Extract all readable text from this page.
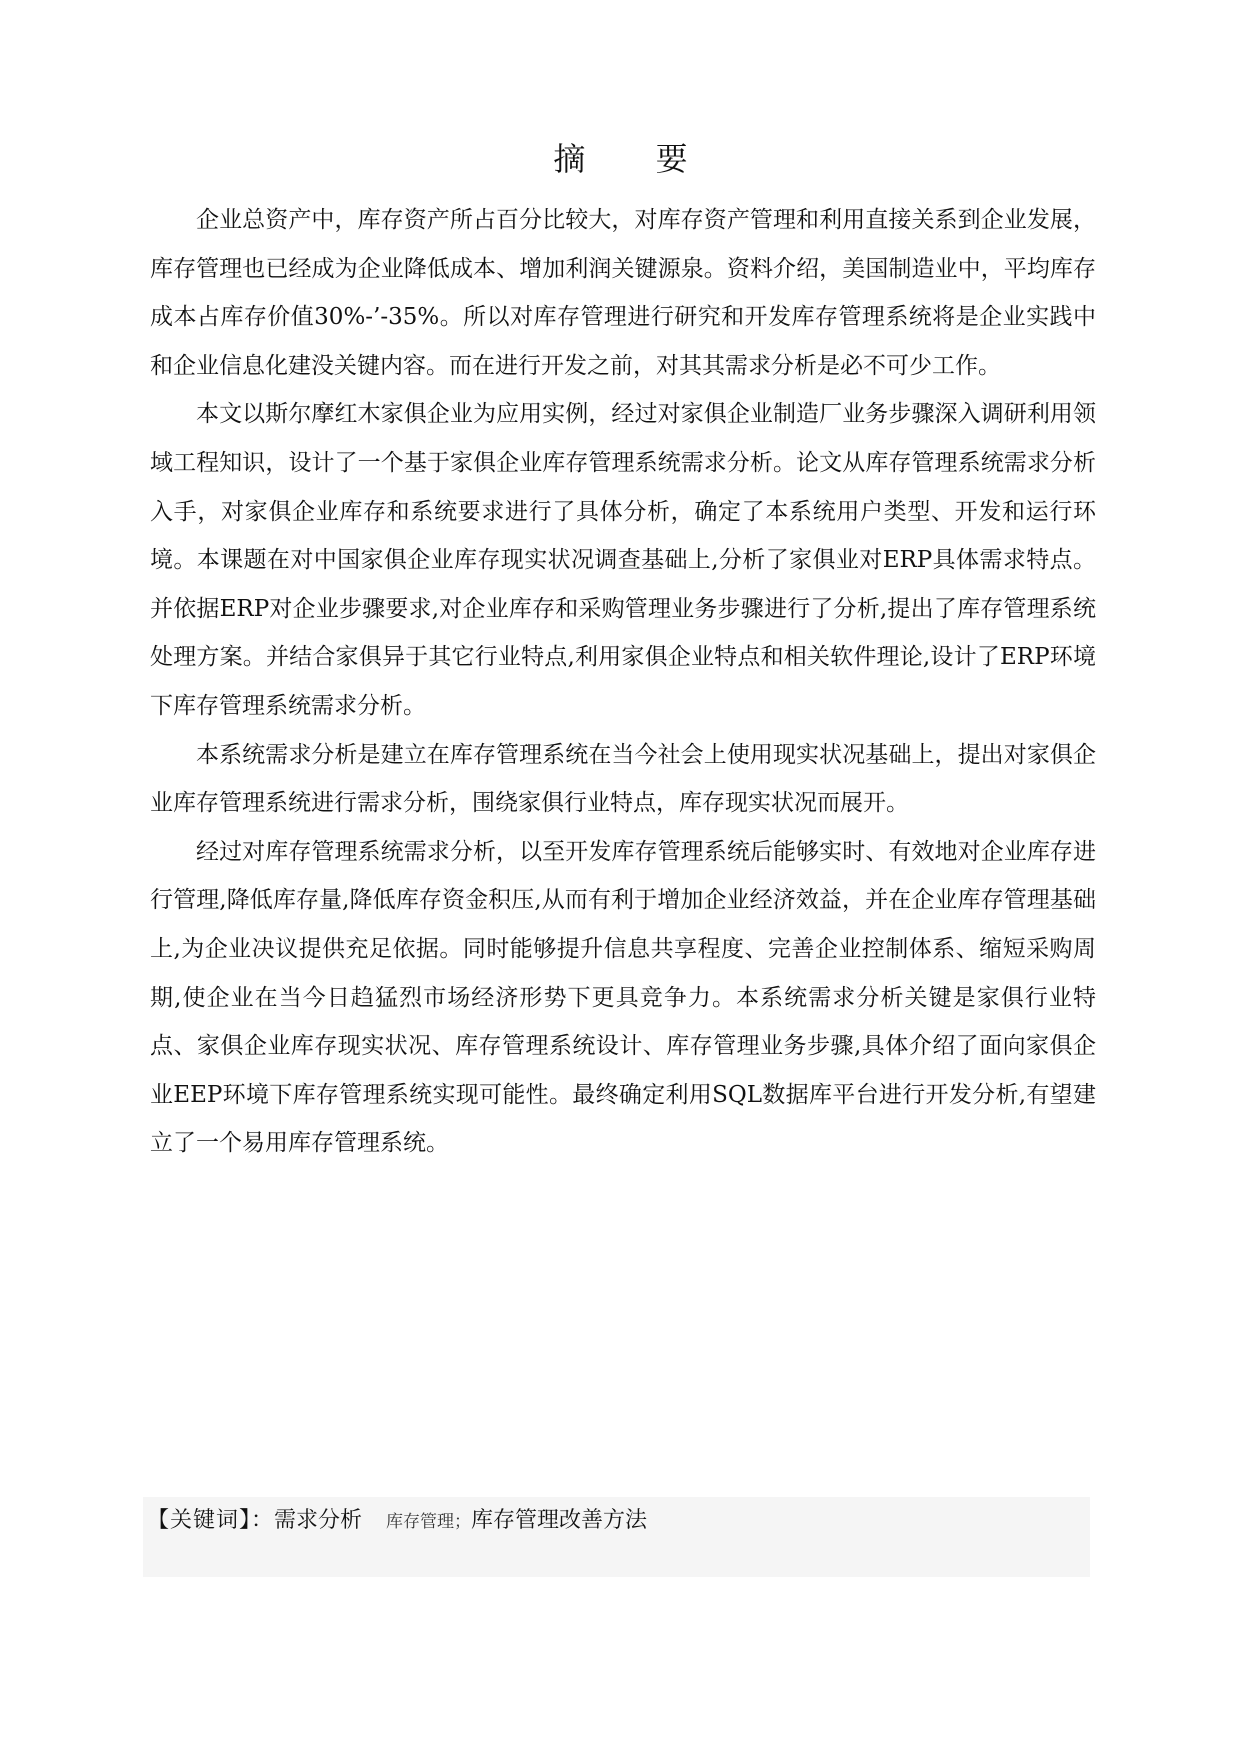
摘 要

企业总资产中，库存资产所占百分比较大，对库存资产管理和利用直接关系到企业发展，库存管理也已经成为企业降低成本、增加利润关键源泉。资料介绍，美国制造业中，平均库存成本占库存价值30%-’-35%。所以对库存管理进行研究和开发库存管理系统将是企业实践中和企业信息化建没关键内容。而在进行开发之前，对其其需求分析是必不可少工作。

本文以斯尔摩红木家俱企业为应用实例，经过对家俱企业制造厂业务步骤深入调研利用领域工程知识，设计了一个基于家俱企业库存管理系统需求分析。论文从库存管理系统需求分析入手，对家俱企业库存和系统要求进行了具体分析，确定了本系统用户类型、开发和运行环境。本课题在对中国家俱企业库存现实状况调查基础上,分析了家俱业对ERP具体需求特点。并依据ERP对企业步骤要求,对企业库存和采购管理业务步骤进行了分析,提出了库存管理系统处理方案。并结合家俱异于其它行业特点,利用家俱企业特点和相关软件理论,设计了ERP环境下库存管理系统需求分析。

本系统需求分析是建立在库存管理系统在当今社会上使用现实状况基础上，提出对家俱企业库存管理系统进行需求分析，围绕家俱行业特点，库存现实状况而展开。

经过对库存管理系统需求分析，以至开发库存管理系统后能够实时、有效地对企业库存进行管理,降低库存量,降低库存资金积压,从而有利于增加企业经济效益，并在企业库存管理基础上,为企业决议提供充足依据。同时能够提升信息共享程度、完善企业控制体系、缩短采购周期,使企业在当今日趋猛烈市场经济形势下更具竞争力。本系统需求分析关键是家俱行业特点、家俱企业库存现实状况、库存管理系统设计、库存管理业务步骤,具体介绍了面向家俱企业EEP环境下库存管理系统实现可能性。最终确定利用SQL数据库平台进行开发分析,有望建立了一个易用库存管理系统。

【关键词】：需求分析 库存管理；库存管理改善方法
